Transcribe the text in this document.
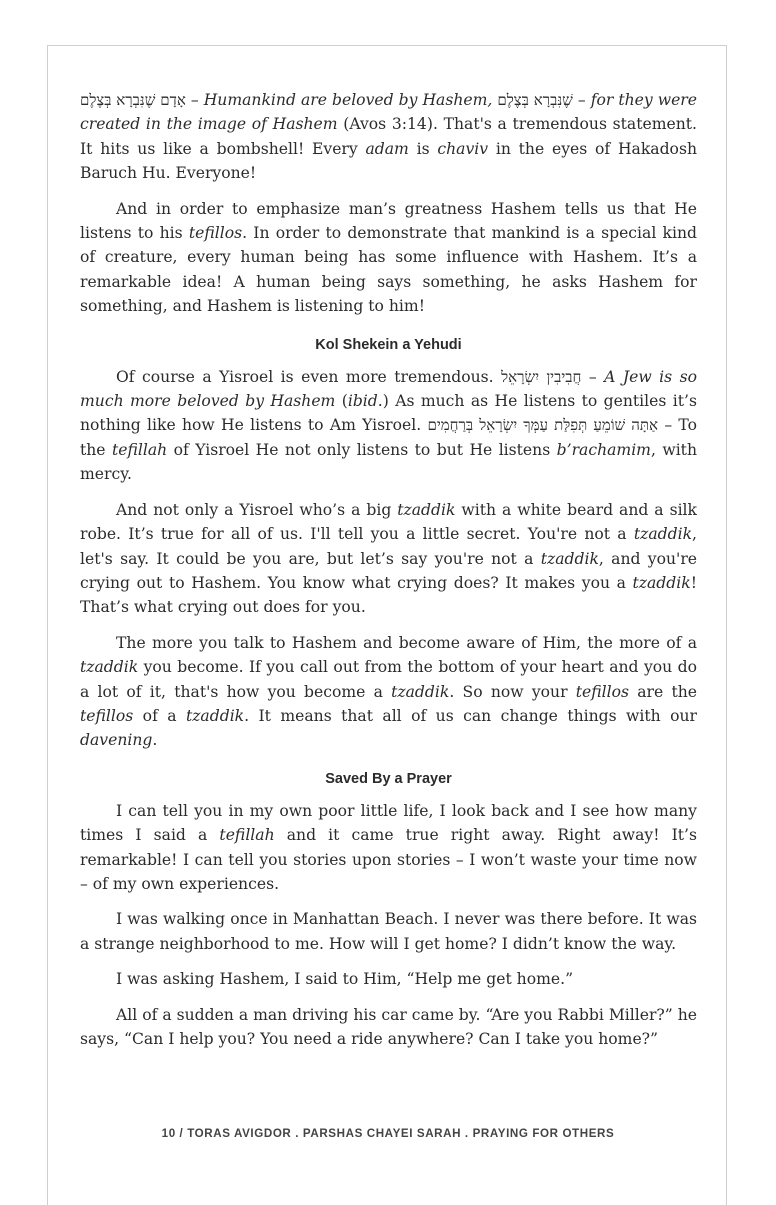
אָדָם שֶׁנִּבְרָא בְּצֶלֶם – Humankind are beloved by Hashem, שֶׁנִּבְרָא בְּצֶלֶם – for they were created in the image of Hashem (Avos 3:14). That's a tremendous statement. It hits us like a bombshell! Every adam is chaviv in the eyes of Hakadosh Baruch Hu. Everyone!

And in order to emphasize man’s greatness Hashem tells us that He listens to his tefillos. In order to demonstrate that mankind is a special kind of creature, every human being has some influence with Hashem. It’s a remarkable idea! A human being says something, he asks Hashem for something, and Hashem is listening to him!

Kol Shekein a Yehudi

Of course a Yisroel is even more tremendous. חֲבִיבִין יִשְׂרָאֵל – A Jew is so much more beloved by Hashem (ibid.) As much as He listens to gentiles it’s nothing like how He listens to Am Yisroel. אַתָּה שׁוֹמֵעַ תְּפִלַּת עַמְּךָ יִשְׂרָאֵל בְּרַחֲמִים – To the tefillah of Yisroel He not only listens to but He listens b’rachamim, with mercy.

And not only a Yisroel who’s a big tzaddik with a white beard and a silk robe. It’s true for all of us. I'll tell you a little secret. You're not a tzaddik, let's say. It could be you are, but let’s say you're not a tzaddik, and you're crying out to Hashem. You know what crying does? It makes you a tzaddik! That’s what crying out does for you.

The more you talk to Hashem and become aware of Him, the more of a tzaddik you become. If you call out from the bottom of your heart and you do a lot of it, that's how you become a tzaddik. So now your tefillos are the tefillos of a tzaddik. It means that all of us can change things with our davening.

Saved By a Prayer

I can tell you in my own poor little life, I look back and I see how many times I said a tefillah and it came true right away. Right away! It’s remarkable! I can tell you stories upon stories – I won’t waste your time now – of my own experiences.

I was walking once in Manhattan Beach. I never was there before. It was a strange neighborhood to me. How will I get home? I didn’t know the way.

I was asking Hashem, I said to Him, “Help me get home.”

All of a sudden a man driving his car came by. “Are you Rabbi Miller?” he says, “Can I help you? You need a ride anywhere? Can I take you home?”

10 / TORAS AVIGDOR . PARSHAS CHAYEI SARAH . PRAYING FOR OTHERS
